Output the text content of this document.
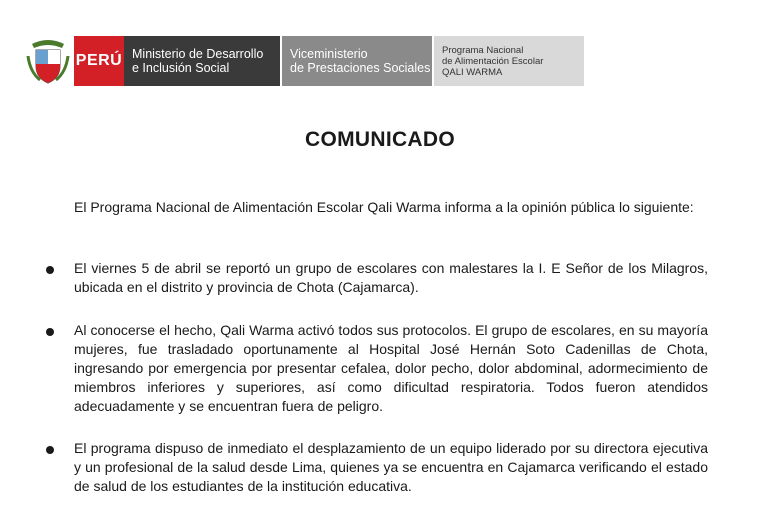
PERÚ Ministerio de Desarrollo
e Inclusión Social
Viceministerio
de Prestaciones Sociales
Programa Nacional
de Alimentación Escolar
QALI WARMA
COMUNICADO

El Programa Nacional de Alimentación Escolar Qali Warma informa a la opinión pública lo siguiente:

El viernes 5 de abril se reportó un grupo de escolares con malestares la I. E Señor de los Milagros, ubicada en el distrito y provincia de Chota (Cajamarca).

Al conocerse el hecho, Qali Warma activó todos sus protocolos. El grupo de escolares, en su mayoría mujeres, fue trasladado oportunamente al Hospital José Hernán Soto Cadenillas de Chota, ingresando por emergencia por presentar cefalea, dolor pecho, dolor abdominal, adormecimiento de miembros inferiores y superiores, así como dificultad respiratoria. Todos fueron atendidos adecuadamente y se encuentran fuera de peligro.

El programa dispuso de inmediato el desplazamiento de un equipo liderado por su directora ejecutiva y un profesional de la salud desde Lima, quienes ya se encuentra en Cajamarca verificando el estado de salud de los estudiantes de la institución educativa.
